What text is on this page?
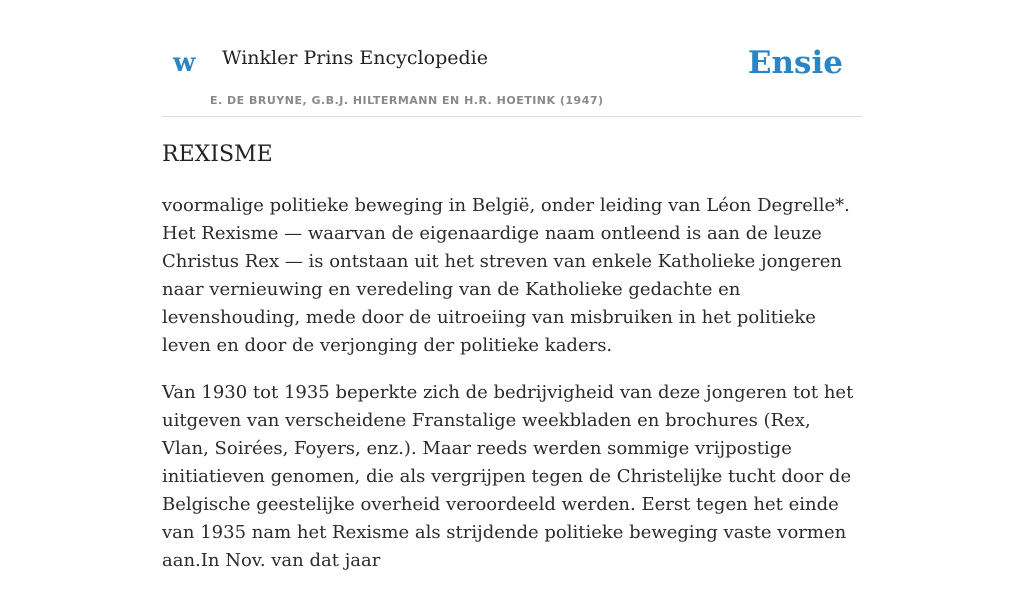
w Winkler Prins Encyclopedie
E. DE BRUYNE, G.B.J. HILTERMANN EN H.R. HOETINK (1947)
Ensie
REXISME

voormalige politieke beweging in België, onder leiding van Léon Degrelle*. Het Rexisme — waarvan de eigenaardige naam ontleend is aan de leuze Christus Rex — is ontstaan uit het streven van enkele Katholieke jongeren naar vernieuwing en veredeling van de Katholieke gedachte en levenshouding, mede door de uitroeiing van misbruiken in het politieke leven en door de verjonging der politieke kaders.

Van 1930 tot 1935 beperkte zich de bedrijvigheid van deze jongeren tot het uitgeven van verscheidene Franstalige weekbladen en brochures (Rex, Vlan, Soirées, Foyers, enz.). Maar reeds werden sommige vrijpostige initiatieven genomen, die als vergrijpen tegen de Christelijke tucht door de Belgische geestelijke overheid veroordeeld werden. Eerst tegen het einde van 1935 nam het Rexisme als strijdende politieke beweging vaste vormen aan.In Nov. van dat jaar
